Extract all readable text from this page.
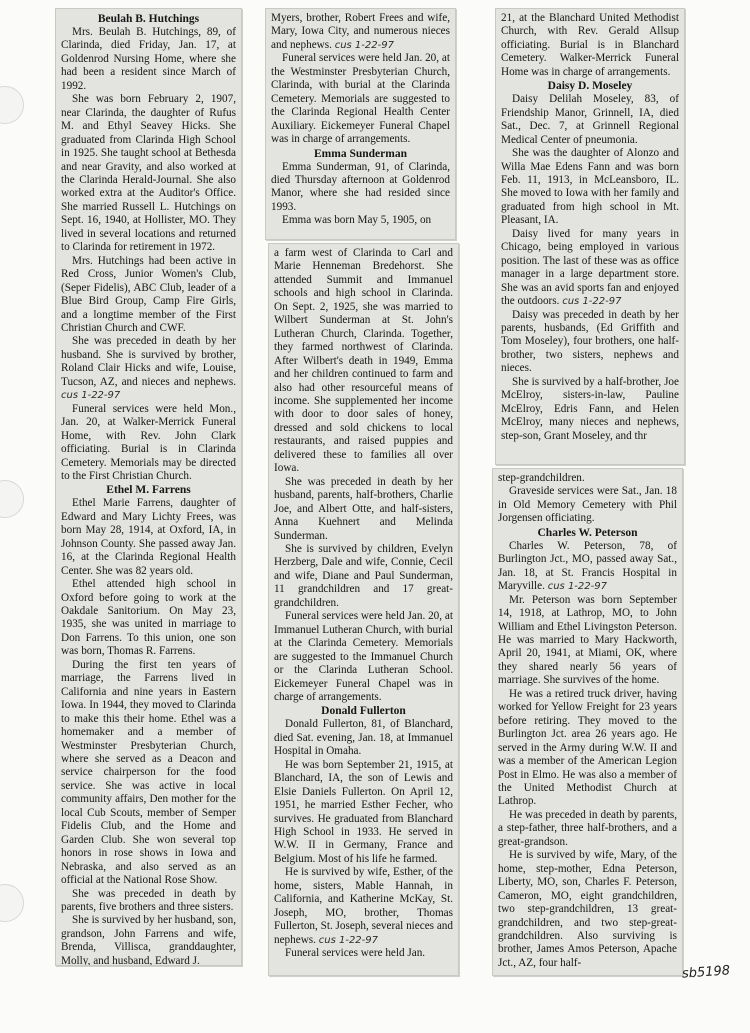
Beulah B. Hutchings

Mrs. Beulah B. Hutchings, 89, of Clarinda, died Friday, Jan. 17, at Goldenrod Nursing Home, where she had been a resident since March of 1992.

She was born February 2, 1907, near Clarinda, the daughter of Rufus M. and Ethyl Seavey Hicks. She graduated from Clarinda High School in 1925. She taught school at Bethesda and near Gravity, and also worked at the Clarinda Herald-Journal. She also worked extra at the Auditor's Office. She married Russell L. Hutchings on Sept. 16, 1940, at Hollister, MO. They lived in several locations and returned to Clarinda for retirement in 1972.

Mrs. Hutchings had been active in Red Cross, Junior Women's Club, (Seper Fidelis), ABC Club, leader of a Blue Bird Group, Camp Fire Girls, and a longtime member of the First Christian Church and CWF.

She was preceded in death by her husband. She is survived by brother, Roland Clair Hicks and wife, Louise, Tucson, AZ, and nieces and nephews. cus 1-22-97

Funeral services were held Mon., Jan. 20, at Walker-Merrick Funeral Home, with Rev. John Clark officiating. Burial is in Clarinda Cemetery. Memorials may be directed to the First Christian Church.

Ethel M. Farrens

Ethel Marie Farrens, daughter of Edward and Mary Lichty Frees, was born May 28, 1914, at Oxford, IA, in Johnson County. She passed away Jan. 16, at the Clarinda Regional Health Center. She was 82 years old.

Ethel attended high school in Oxford before going to work at the Oakdale Sanitorium. On May 23, 1935, she was united in marriage to Don Farrens. To this union, one son was born, Thomas R. Farrens.

During the first ten years of marriage, the Farrens lived in California and nine years in Eastern Iowa. In 1944, they moved to Clarinda to make this their home. Ethel was a homemaker and a member of Westminster Presbyterian Church, where she served as a Deacon and service chairperson for the food service. She was active in local community affairs, Den mother for the local Cub Scouts, member of Semper Fidelis Club, and the Home and Garden Club. She won several top honors in rose shows in Iowa and Nebraska, and also served as an official at the National Rose Show.

She was preceded in death by parents, five brothers and three sisters.

She is survived by her husband, son, grandson, John Farrens and wife, Brenda, Villisca, granddaughter, Molly, and husband, Edward J.

Myers, brother, Robert Frees and wife, Mary, Iowa City, and numerous nieces and nephews. cus 1-22-97

Funeral services were held Jan. 20, at the Westminster Presbyterian Church, Clarinda, with burial at the Clarinda Cemetery. Memorials are suggested to the Clarinda Regional Health Center Auxiliary. Eickemeyer Funeral Chapel was in charge of arrangements.

Emma Sunderman

Emma Sunderman, 91, of Clarinda, died Thursday afternoon at Goldenrod Manor, where she had resided since 1993.

Emma was born May 5, 1905, on

a farm west of Clarinda to Carl and Marie Henneman Bredehorst. She attended Summit and Immanuel schools and high school in Clarinda. On Sept. 2, 1925, she was married to Wilbert Sunderman at St. John's Lutheran Church, Clarinda. Together, they farmed northwest of Clarinda. After Wilbert's death in 1949, Emma and her children continued to farm and also had other resourceful means of income. She supplemented her income with door to door sales of honey, dressed and sold chickens to local restaurants, and raised puppies and delivered these to families all over Iowa.

She was preceded in death by her husband, parents, half-brothers, Charlie Joe, and Albert Otte, and half-sisters, Anna Kuehnert and Melinda Sunderman.

She is survived by children, Evelyn Herzberg, Dale and wife, Connie, Cecil and wife, Diane and Paul Sunderman, 11 grandchildren and 17 great-grandchildren.

Funeral services were held Jan. 20, at Immanuel Lutheran Church, with burial at the Clarinda Cemetery. Memorials are suggested to the Immanuel Church or the Clarinda Lutheran School. Eickemeyer Funeral Chapel was in charge of arrangements.

Donald Fullerton

Donald Fullerton, 81, of Blanchard, died Sat. evening, Jan. 18, at Immanuel Hospital in Omaha.

He was born September 21, 1915, at Blanchard, IA, the son of Lewis and Elsie Daniels Fullerton. On April 12, 1951, he married Esther Fecher, who survives. He graduated from Blanchard High School in 1933. He served in W.W. II in Germany, France and Belgium. Most of his life he farmed.

He is survived by wife, Esther, of the home, sisters, Mable Hannah, in California, and Katherine McKay, St. Joseph, MO, brother, Thomas Fullerton, St. Joseph, several nieces and nephews. cus 1-22-97

Funeral services were held Jan.

21, at the Blanchard United Methodist Church, with Rev. Gerald Allsup officiating. Burial is in Blanchard Cemetery. Walker-Merrick Funeral Home was in charge of arrangements.

Daisy D. Moseley

Daisy Delilah Moseley, 83, of Friendship Manor, Grinnell, IA, died Sat., Dec. 7, at Grinnell Regional Medical Center of pneumonia.

She was the daughter of Alonzo and Willa Mae Edens Fann and was born Feb. 11, 1913, in McLeansboro, IL. She moved to Iowa with her family and graduated from high school in Mt. Pleasant, IA.

Daisy lived for many years in Chicago, being employed in various position. The last of these was as office manager in a large department store. She was an avid sports fan and enjoyed the outdoors. cus 1-22-97

Daisy was preceded in death by her parents, husbands, (Ed Griffith and Tom Moseley), four brothers, one half-brother, two sisters, nephews and nieces.

She is survived by a half-brother, Joe McElroy, sisters-in-law, Pauline McElroy, Edris Fann, and Helen McElroy, many nieces and nephews, step-son, Grant Moseley, and thr

step-grandchildren.

Graveside services were Sat., Jan. 18 in Old Memory Cemetery with Phil Jorgensen officiating.

Charles W. Peterson

Charles W. Peterson, 78, of Burlington Jct., MO, passed away Sat., Jan. 18, at St. Francis Hospital in Maryville. cus 1-22-97

Mr. Peterson was born September 14, 1918, at Lathrop, MO, to John William and Ethel Livingston Peterson. He was married to Mary Hackworth, April 20, 1941, at Miami, OK, where they shared nearly 56 years of marriage. She survives of the home.

He was a retired truck driver, having worked for Yellow Freight for 23 years before retiring. They moved to the Burlington Jct. area 26 years ago. He served in the Army during W.W. II and was a member of the American Legion Post in Elmo. He was also a member of the United Methodist Church at Lathrop.

He was preceded in death by parents, a step-father, three half-brothers, and a great-grandson.

He is survived by wife, Mary, of the home, step-mother, Edna Peterson, Liberty, MO, son, Charles F. Peterson, Cameron, MO, eight grandchildren, two step-grandchildren, 13 great-grandchildren, and two step-great-grandchildren. Also surviving is brother, James Amos Peterson, Apache Jct., AZ, four half-

sb5198
